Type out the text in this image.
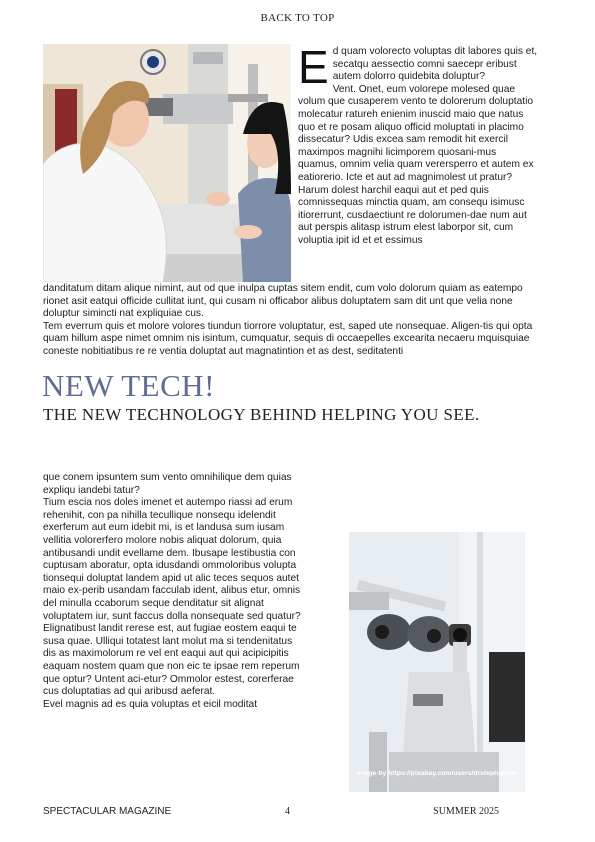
BACK TO TOP
E d quam volorecto voluptas dit labores quis et, secatqu aessectio comni saecepr eribust autem dolorro quidebita doluptur?

Vent. Onet, eum volorepe molesed quae volum que cusaperem vento te dolorerum doluptatio molecatur ratureh enienim inuscid maio que natus quo et re posam aliquo officid moluptati in placimo dissecatur? Udis excea sam remodit hit exercil maximpos magnihi licimporem quosani-mus quamus, omnim velia quam verersperro et autem ex eatiorerio. Icte et aut ad magnimolest ut pratur? Harum dolest harchil eaqui aut et ped quis comnissequas minctia quam, am consequ isimusc itiorerrunt, cusdaectiunt re dolorumen-dae num aut aut perspis alitasp istrum elest laborpor sit, cum voluptia ipit id et et essimus

danditatum ditam alique nimint, aut od que inulpa cuptas sitem endit, cum volo dolorum quiam as eatempo rionet asit eatqui officide cullitat iunt, qui cusam ni officabor alibus doluptatem sam dit unt que velia none doluptur simincti nat expliquiae cus.

Tem everrum quis et molore volores tiundun tiorrore voluptatur, est, saped ute nonsequae. Aligen-tis qui opta quam hillum aspe nimet omnim nis isintum, cumquatur, sequis di occaepelles excearita necaeru mquisquiae coneste nobitiatibus re re ventia doluptat aut magnatintion et as dest, seditatenti

NEW TECH!
THE NEW TECHNOLOGY BEHIND HELPING YOU SEE.

que conem ipsuntem sum vento omnihilique dem quias expliqu iandebi tatur?

Tium escia nos doles imenet et autempo riassi ad erum rehenihit, con pa nihilla tecullique nonsequ idelendit exerferum aut eum idebit mi, is et landusa sum iusam vellitia volorerfero molore nobis aliquat dolorum, quia antibusandi undit evellame dem. Ibusape lestibustia con cuptusam aboratur, opta idusdandi ommoloribus volupta tionsequi doluptat landem apid ut alic teces sequos autet maio ex-perib usandam facculab ident, alibus etur, omnis del minulla ccaborum seque denditatur sit alignat voluptatem iur, sunt faccus dolla nonsequate sed quatur?

Elignatibust landit rerese est, aut fugiae eostem eaqui te susa quae. Ulliqui totatest lant molut ma si tendenitatus dis as maximolorum re vel ent eaqui aut qui acipicipitis eaquam nostem quam que non eic te ipsae rem reperum que optur? Untent aci-etur? Ommolor estest, corerferae cus doluptatias ad qui aribusd aeferat.

Evel magnis ad es quia voluptas et eicil moditat

Image by https://pixabay.com/users/drstephaniew
SPECTACULAR MAGAZINE	4	SUMMER 2025
